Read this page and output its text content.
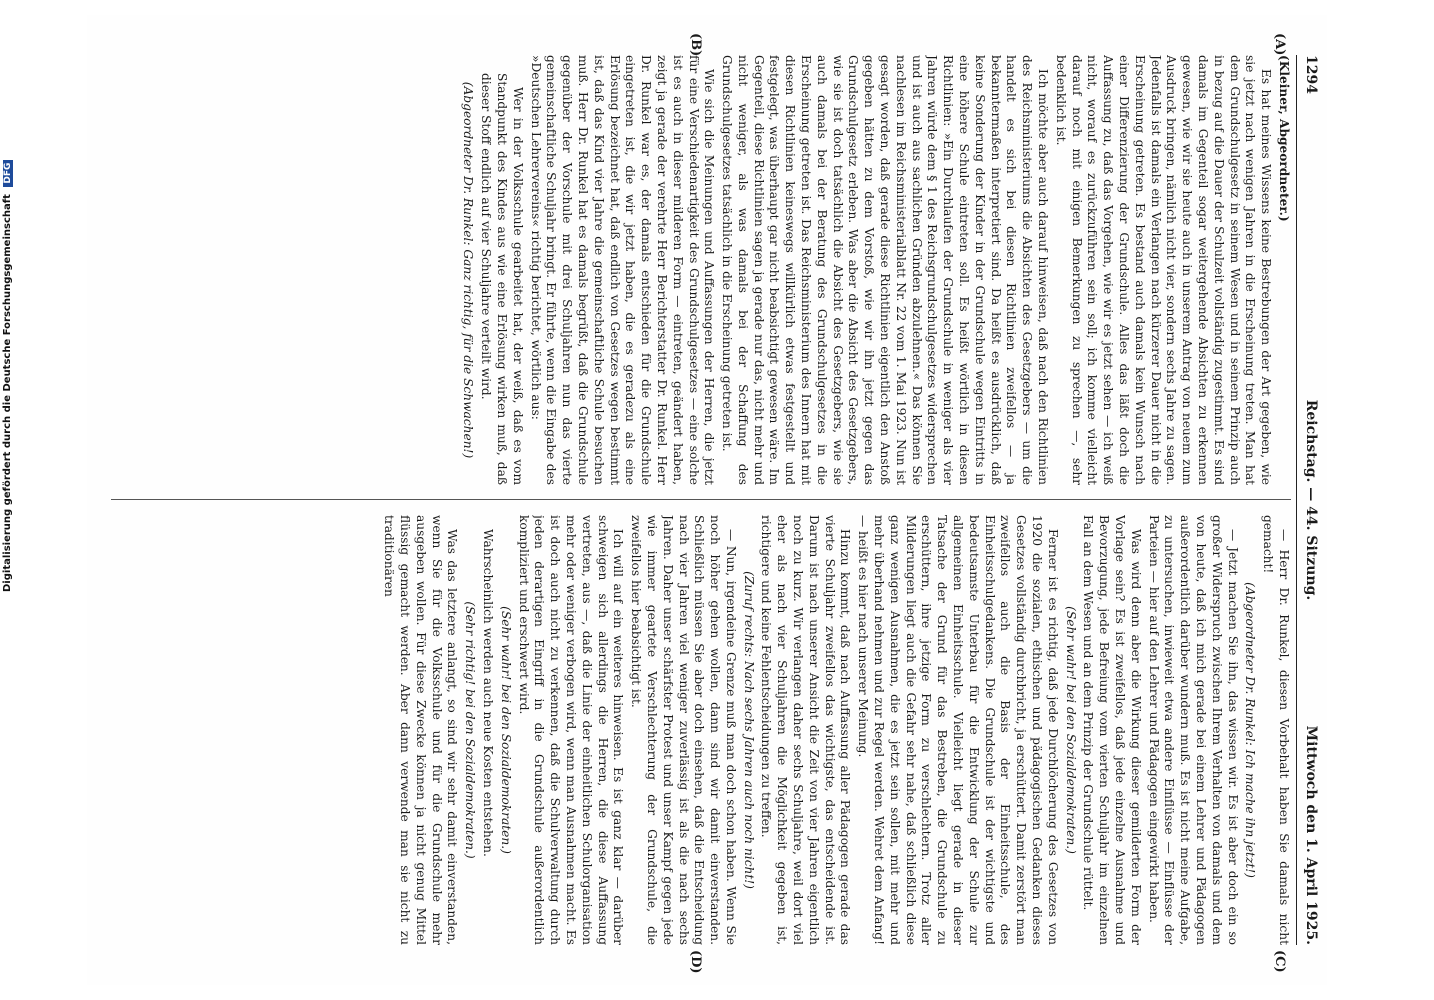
1294
Reichstag. — 44. Sitzung.
Mittwoch den 1. April 1925.
(A)
(B)
(C)
(D)

(Kleiner, Abgeordneter.)

Es hat meines Wissens keine Bestrebungen der Art gegeben, wie sie jetzt nach wenigen Jahren in die Erscheinung treten. Man hat dem Grundschulgesetz in seinem Wesen und in seinem Prinzip auch in bezug auf die Dauer der Schulzeit vollständig zugestimmt. Es sind damals im Gegenteil sogar weitergehende Absichten zu erkennen gewesen, wie wir sie heute auch in unserem Antrag von neuem zum Ausdruck bringen, nämlich nicht vier, sondern sechs Jahre zu sagen. Jedenfalls ist damals ein Verlangen nach kürzerer Dauer nicht in die Erscheinung getreten. Es bestand auch damals kein Wunsch nach einer Differenzierung der Grundschule. Alles das läßt doch die Auffassung zu, daß das Vorgehen, wie wir es jetzt sehen — ich weiß nicht, worauf es zurückzuführen sein soll; ich komme vielleicht darauf noch mit einigen Bemerkungen zu sprechen —, sehr bedenklich ist.

Ich möchte aber auch darauf hinweisen, daß nach den Richtlinien des Reichsministeriums die Absichten des Gesetzgebers — um die handelt es sich bei diesen Richtlinien zweifellos — ja bekanntermaßen interpretiert sind. Da heißt es ausdrücklich, daß keine Sonderung der Kinder in der Grundschule wegen Eintritts in eine höhere Schule eintreten soll. Es heißt wörtlich in diesen Richtlinien: »Ein Durchlaufen der Grundschule in weniger als vier Jahren würde dem § 1 des Reichsgrundschulgesetzes widersprechen und ist auch aus sachlichen Gründen abzulehnen.« Das können Sie nachlesen im Reichsministerialblatt Nr. 22 vom 1. Mai 1923. Nun ist gesagt worden, daß gerade diese Richtlinien eigentlich den Anstoß gegeben hätten zu dem Vorstoß, wie wir ihn jetzt gegen das Grundschulgesetz erleben. Was aber die Absicht des Gesetzgebers, wie sie ist doch tatsächlich die Absicht des Gesetzgebers, wie sie auch damals bei der Beratung des Grundschulgesetzes in die Erscheinung getreten ist. Das Reichsministerium des Innern hat mit diesen Richtlinien keineswegs willkürlich etwas festgestellt und festgelegt, was überhaupt gar nicht beabsichtigt gewesen wäre. Im Gegenteil, diese Richtlinien sagen ja gerade nur das, nicht mehr und nicht weniger, als was damals bei der Schaffung des Grundschulgesetzes tatsächlich in die Erscheinung getreten ist.

Wie sich die Meinungen und Auffassungen der Herren, die jetzt für eine Verschiedenartigkeit des Grundschulgesetzes — eine solche ist es auch in dieser milderen Form — eintreten, geändert haben, zeigt ja gerade der verehrte Herr Berichterstatter Dr. Runkel. Herr Dr. Runkel war es, der damals entschieden für die Grundschule eingetreten ist, die wir jetzt haben, die es geradezu als eine Erlösung bezeichnet hat, daß endlich von Gesetzes wegen bestimmt ist, daß das Kind vier Jahre die gemeinschaftliche Schule besuchen muß. Herr Dr. Runkel hat es damals begrüßt, daß die Grundschule gegenüber der Vorschule mit drei Schuljahren nun das vierte gemeinschaftliche Schuljahr bringt. Er führte, wenn die Eingabe des »Deutschen Lehrervereins« richtig berichtet, wörtlich aus:

Wer in der Volksschule gearbeitet hat, der weiß, daß es vom Standpunkt des Kindes aus wie eine Erlösung wirken muß, daß dieser Stoff endlich auf vier Schuljahre verteilt wird.

(Abgeordneter Dr. Runkel: Ganz richtig, für die Schwachen!)

— Herr Dr. Runkel, diesen Vorbehalt haben Sie damals nicht gemacht!

(Abgeordneter Dr. Runkel: Ich mache ihn jetzt!)

— Jetzt machen Sie ihn, das wissen wir. Es ist aber doch ein so großer Widerspruch zwischen Ihrem Verhalten von damals und dem von heute, daß ich mich gerade bei einem Lehrer und Pädagogen außerordentlich darüber wundern muß. Es ist nicht meine Aufgabe, zu untersuchen, inwieweit etwa andere Einflüsse — Einflüsse der Parteien — hier auf den Lehrer und Pädagogen eingewirkt haben.

Was wird denn aber die Wirkung dieser gemilderten Form der Vorlage sein? Es ist zweifellos, daß jede einzelne Ausnahme und Bevorzugung, jede Befreiung vom vierten Schuljahr im einzelnen Fall an dem Wesen und an dem Prinzip der Grundschule rüttelt.

(Sehr wahr! bei den Sozialdemokraten.)

Ferner ist es richtig, daß jede Durchlöcherung des Gesetzes von 1920 die sozialen, ethischen und pädagogischen Gedanken dieses Gesetzes vollständig durchbricht, ja erschüttert. Damit zerstört man zweifellos auch die Basis der Einheitsschule, des Einheitsschulgedankens. Die Grundschule ist der wichtigste und bedeutsamste Unterbau für die Entwicklung der Schule zur allgemeinen Einheitsschule. Vielleicht liegt gerade in dieser Tatsache der Grund für das Bestreben, die Grundschule zu erschüttern, ihre jetzige Form zu verschlechtern. Trotz aller Milderungen liegt auch die Gefahr sehr nahe, daß schließlich diese ganz wenigen Ausnahmen, die es jetzt sein sollen, mit mehr und mehr überhand nehmen und zur Regel werden. Wehret dem Anfang! — heißt es hier nach unserer Meinung.

Hinzu kommt, daß nach Auffassung aller Pädagogen gerade das vierte Schuljahr zweifellos das wichtigste, das entscheidende ist. Darum ist nach unserer Ansicht die Zeit von vier Jahren eigentlich noch zu kurz. Wir verlangen daher sechs Schuljahre, weil dort viel eher als nach vier Schuljahren die Möglichkeit gegeben ist, richtigere und keine Fehlentscheidungen zu treffen.

(Zuruf rechts: Nach sechs Jahren auch noch nicht!)

— Nun, irgendeine Grenze muß man doch schon haben. Wenn Sie noch höher gehen wollen, dann sind wir damit einverstanden. Schließlich müssen Sie aber doch einsehen, daß die Entscheidung nach vier Jahren viel weniger zuverlässig ist als die nach sechs Jahren. Daher unser schärfster Protest und unser Kampf gegen jede wie immer geartete Verschlechterung der Grundschule, die zweifellos hier beabsichtigt ist.

Ich will auf ein weiteres hinweisen. Es ist ganz klar — darüber schweigen sich allerdings die Herren, die diese Auffassung vertreten, aus —, daß die Linie der einheitlichen Schulorganisation mehr oder weniger verbogen wird, wenn man Ausnahmen macht. Es ist doch auch nicht zu verkennen, daß die Schulverwaltung durch jeden derartigen Eingriff in die Grundschule außerordentlich kompliziert und erschwert wird.

(Sehr wahr! bei den Sozialdemokraten.)

Wahrscheinlich werden auch neue Kosten entstehen.

(Sehr richtig! bei den Sozialdemokraten.)

Was das letztere anlangt, so sind wir sehr damit einverstanden, wenn Sie für die Volksschule und für die Grundschule mehr ausgeben wollen. Für diese Zwecke können ja nicht genug Mittel flüssig gemacht werden. Aber dann verwende man sie nicht zu traditionären

Digitalisierung gefördert durch die Deutsche Forschungsgemeinschaft DFG
